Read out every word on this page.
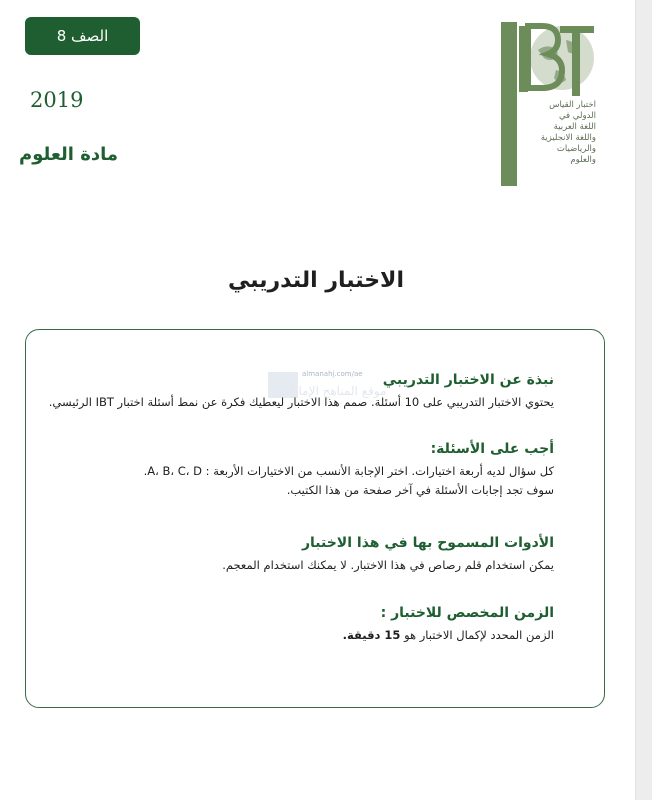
الصف 8
2019
مادة العلوم
اختبار القياس
الدولي في
اللغة العربية
واللغة الانجليزية
والرياضيات
والعلوم
الاختبار التدريبي
almanahj.com/ae
موقع المناهج الإماراتية
نبذة عن الاختبار التدريبي
يحتوي الاختبار التدريبي على 10 أسئلة. صمم هذا الاختبار ليعطيك فكرة عن نمط أسئلة اختبار IBT الرئيسي.
أجب على الأسئلة:
كل سؤال لديه أربعة اختيارات. اختر الإجابة الأنسب من الاختيارات الأربعة : A، B، C، D.
سوف تجد إجابات الأسئلة في آخر صفحة من هذا الكتيب.
الأدوات المسموح بها في هذا الاختبار
يمكن استخدام قلم رصاص في هذا الاختبار. لا يمكنك استخدام المعجم.
الزمن المخصص للاختبار :
الزمن المحدد لإكمال الاختبار هو 15 دقيقة.
